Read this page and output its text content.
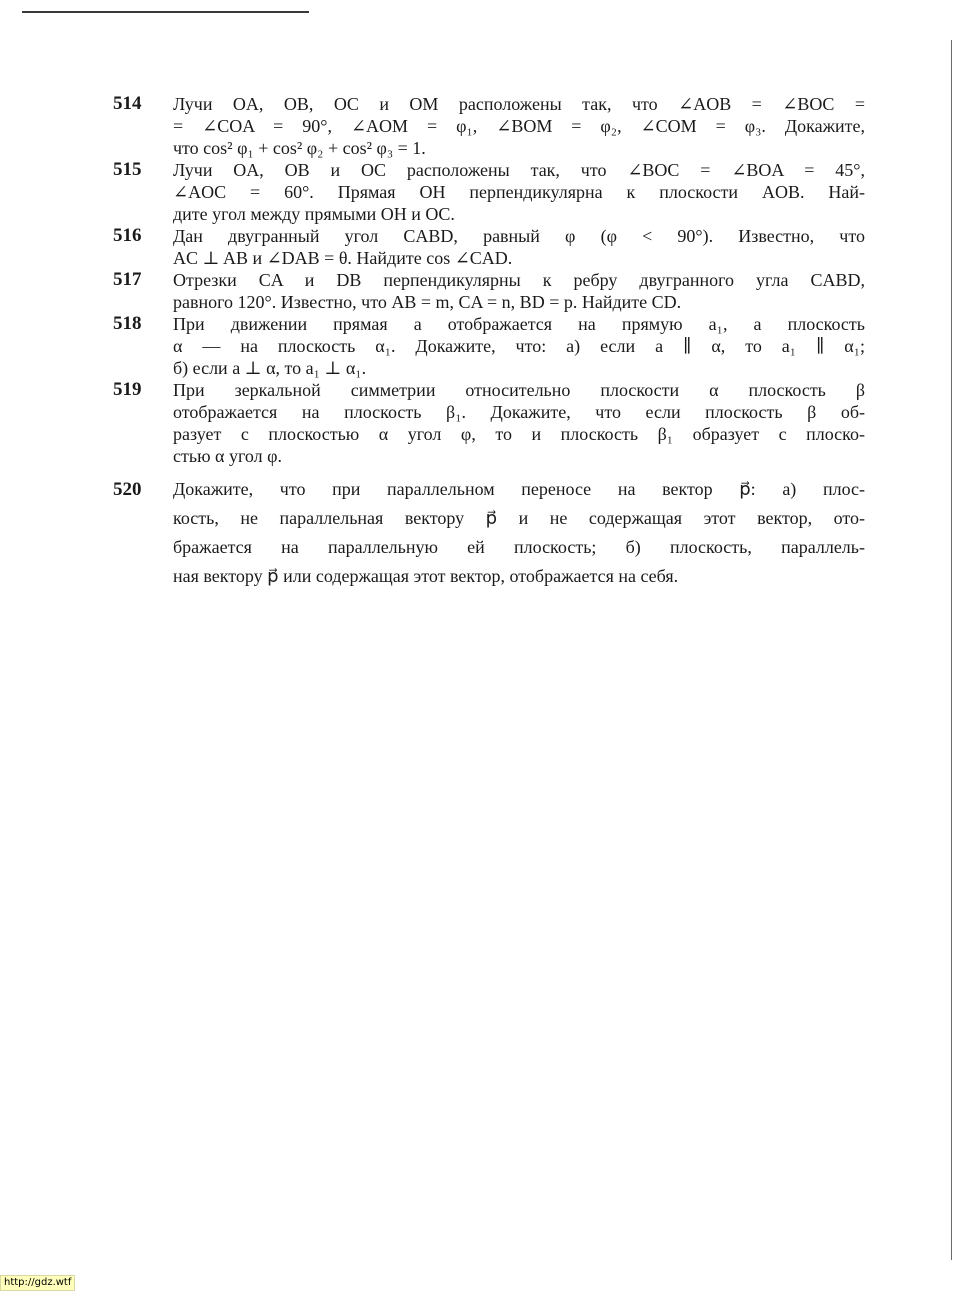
514	Лучи OA, OB, OC и OM расположены так, что ∠AOB = ∠BOC =
= ∠COA = 90°, ∠AOM = φ₁, ∠BOM = φ₂, ∠COM = φ₃. Докажите,
что cos² φ₁ + cos² φ₂ + cos² φ₃ = 1.
515	Лучи OA, OB и OC расположены так, что ∠BOC = ∠BOA = 45°,
∠AOC = 60°. Прямая OH перпендикулярна к плоскости AOB. Най-
дите угол между прямыми OH и OC.
516	Дан двугранный угол CABD, равный φ (φ < 90°). Известно, что
AC ⊥ AB и ∠DAB = θ. Найдите cos ∠CAD.
517	Отрезки CA и DB перпендикулярны к ребру двугранного угла CABD,
равного 120°. Известно, что AB = m, CA = n, BD = p. Найдите CD.
518	При движении прямая a отображается на прямую a₁, а плоскость
α — на плоскость α₁. Докажите, что: а) если a ∥ α, то a₁ ∥ α₁;
б) если a ⊥ α, то a₁ ⊥ α₁.
519	При зеркальной симметрии относительно плоскости α плоскость β
отображается на плоскость β₁. Докажите, что если плоскость β об-
разует с плоскостью α угол φ, то и плоскость β₁ образует с плоско-
стью α угол φ.
520	Докажите, что при параллельном переносе на вектор p⃗: а) плос-
кость, не параллельная вектору p⃗ и не содержащая этот вектор, ото-
бражается на параллельную ей плоскость; б) плоскость, параллель-
ная вектору p⃗ или содержащая этот вектор, отображается на себя.
http://gdz.wtf
